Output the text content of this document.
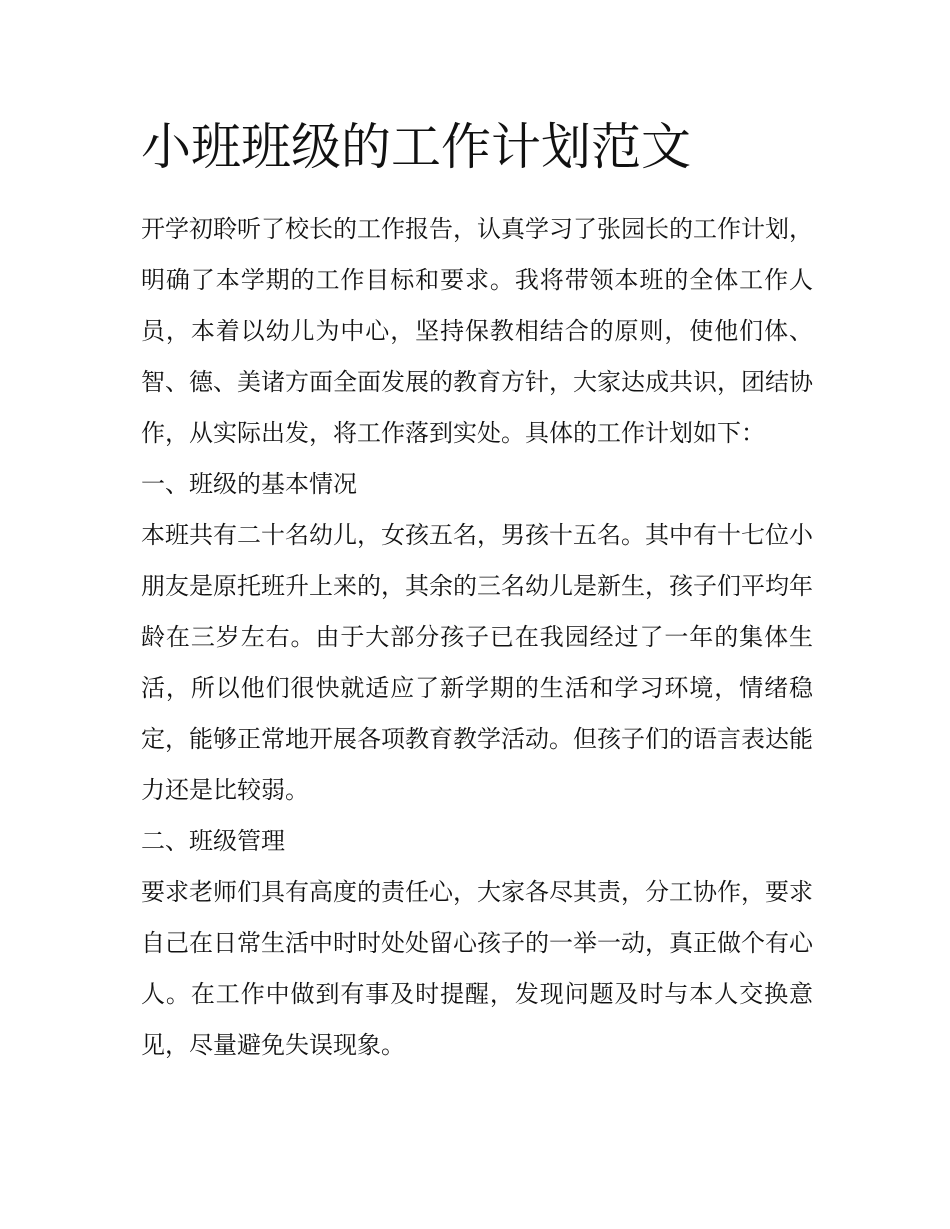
小班班级的工作计划范文

开学初聆听了校长的工作报告，认真学习了张园长的工作计划，明确了本学期的工作目标和要求。我将带领本班的全体工作人员，本着以幼儿为中心，坚持保教相结合的原则，使他们体、智、德、美诸方面全面发展的教育方针，大家达成共识，团结协作，从实际出发，将工作落到实处。具体的工作计划如下：

一、班级的基本情况

本班共有二十名幼儿，女孩五名，男孩十五名。其中有十七位小朋友是原托班升上来的，其余的三名幼儿是新生，孩子们平均年龄在三岁左右。由于大部分孩子已在我园经过了一年的集体生活，所以他们很快就适应了新学期的生活和学习环境，情绪稳定，能够正常地开展各项教育教学活动。但孩子们的语言表达能力还是比较弱。

二、班级管理

要求老师们具有高度的责任心，大家各尽其责，分工协作，要求自己在日常生活中时时处处留心孩子的一举一动，真正做个有心人。在工作中做到有事及时提醒，发现问题及时与本人交换意见，尽量避免失误现象。
